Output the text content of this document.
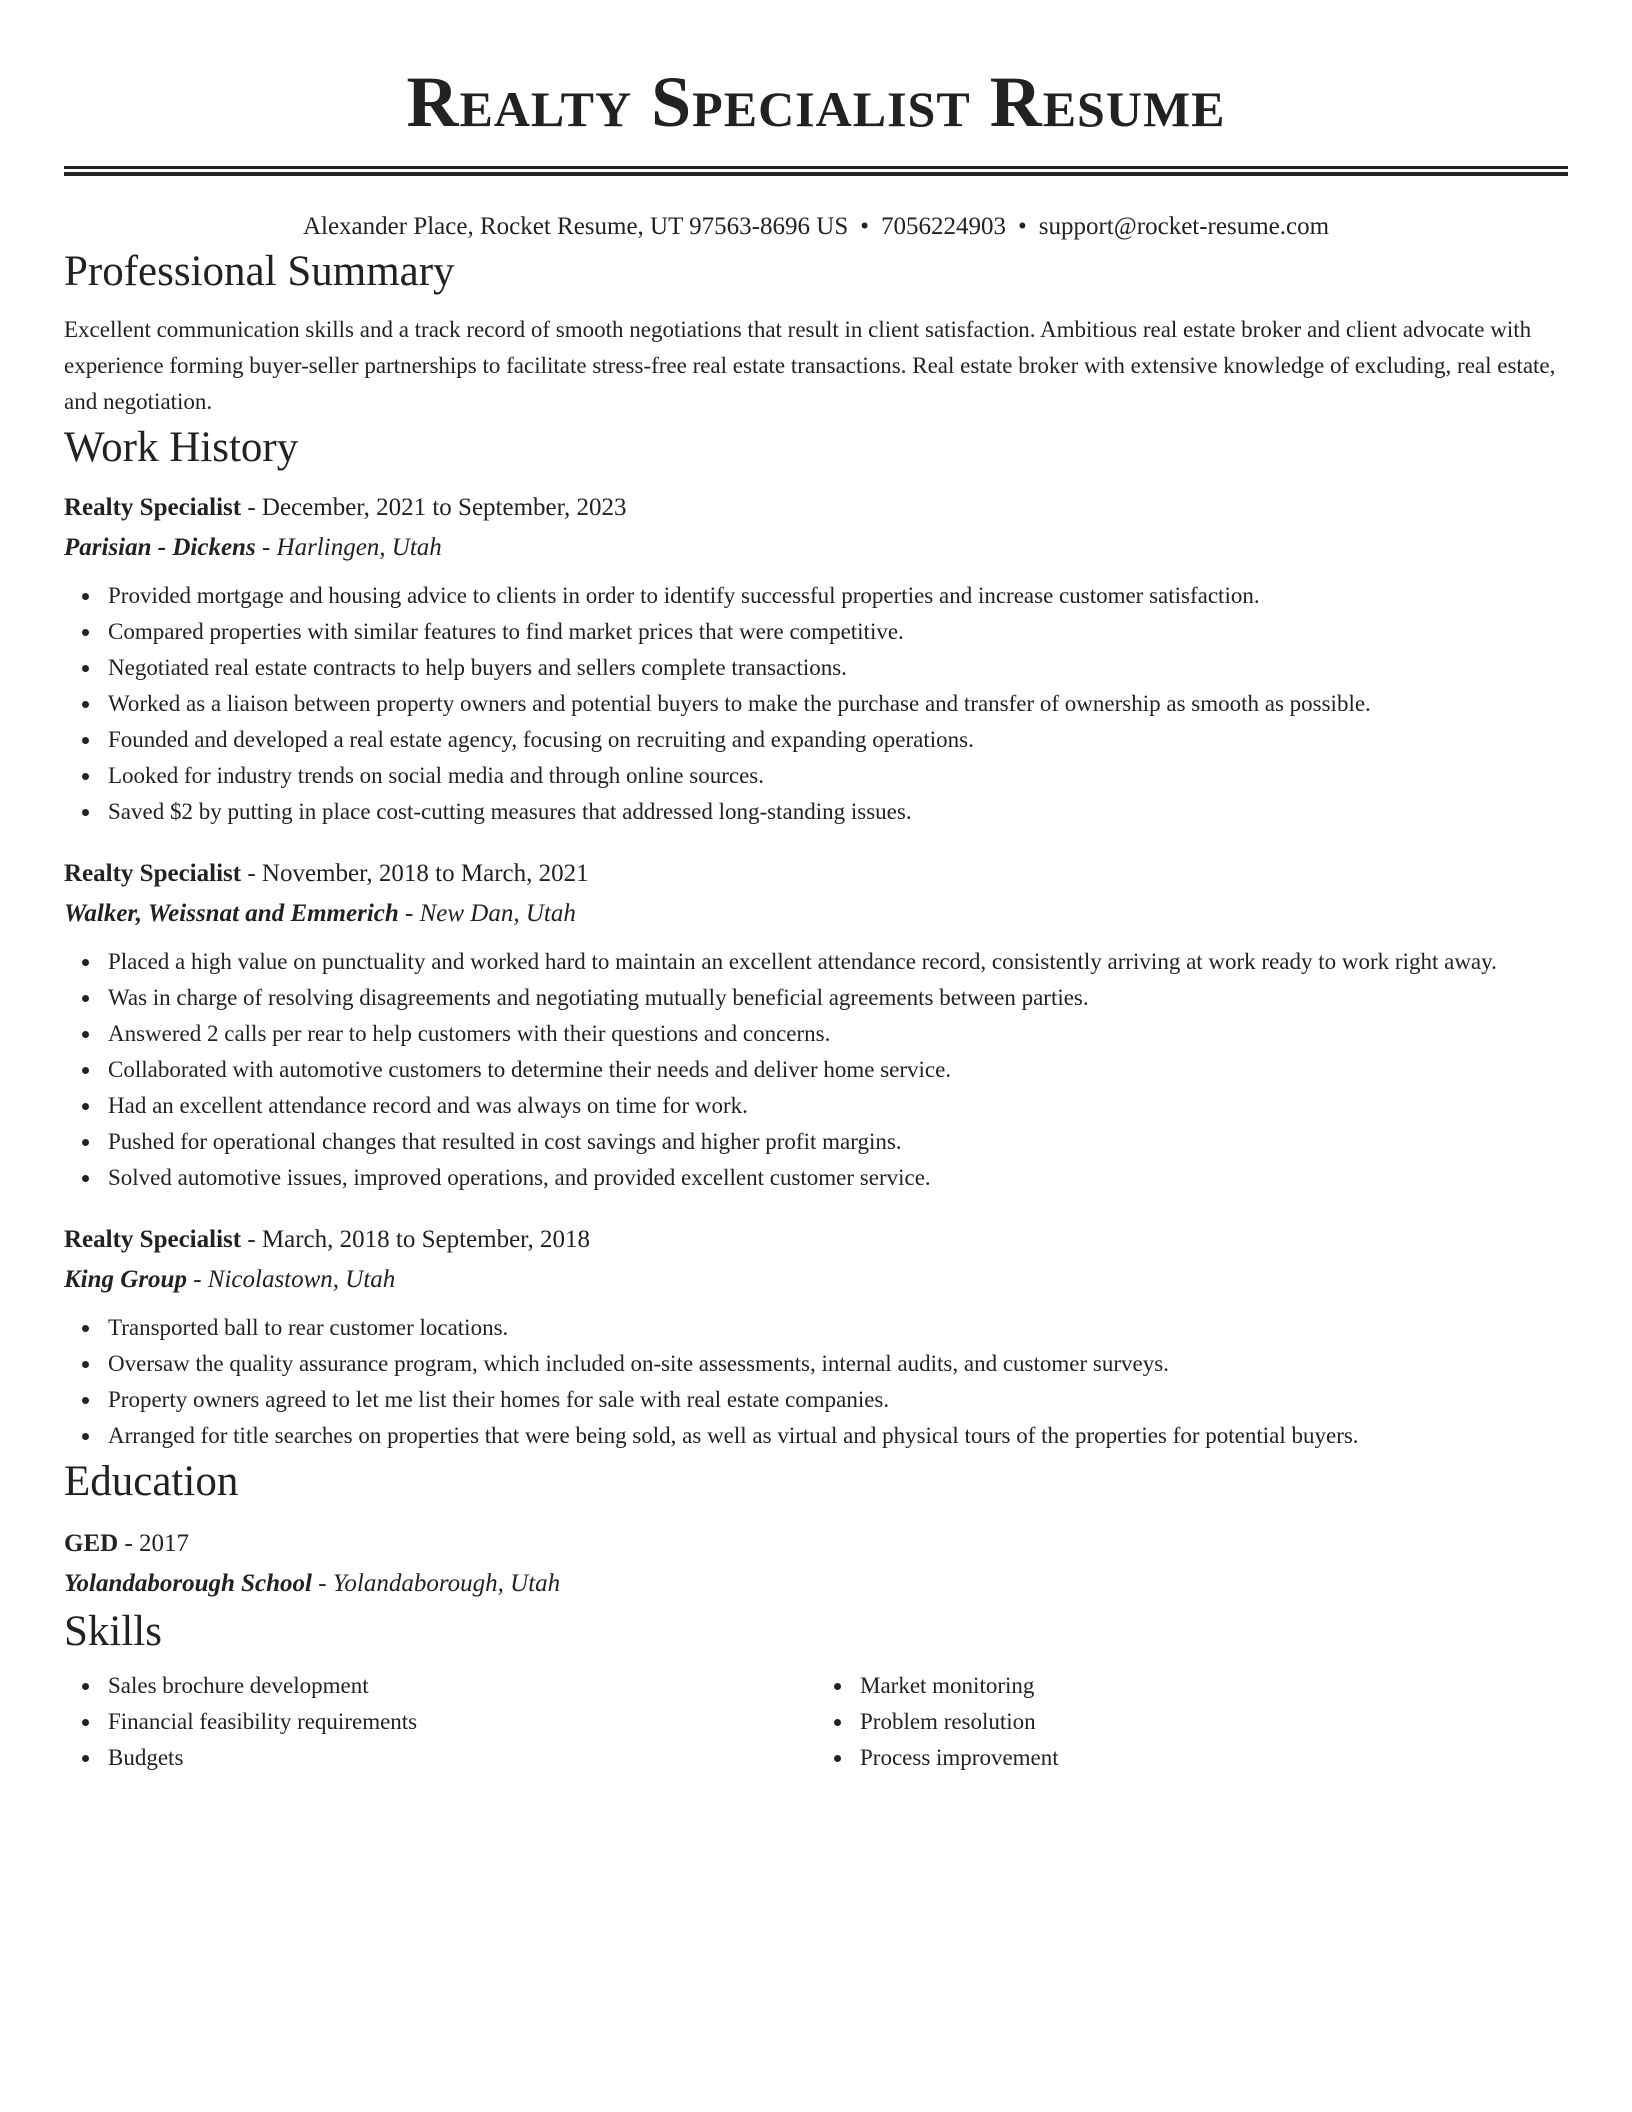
Realty Specialist Resume
Alexander Place, Rocket Resume, UT 97563-8696 US • 7056224903 • support@rocket-resume.com
Professional Summary
Excellent communication skills and a track record of smooth negotiations that result in client satisfaction. Ambitious real estate broker and client advocate with experience forming buyer-seller partnerships to facilitate stress-free real estate transactions. Real estate broker with extensive knowledge of excluding, real estate, and negotiation.
Work History
Realty Specialist - December, 2021 to September, 2023
Parisian - Dickens - Harlingen, Utah
Provided mortgage and housing advice to clients in order to identify successful properties and increase customer satisfaction.
Compared properties with similar features to find market prices that were competitive.
Negotiated real estate contracts to help buyers and sellers complete transactions.
Worked as a liaison between property owners and potential buyers to make the purchase and transfer of ownership as smooth as possible.
Founded and developed a real estate agency, focusing on recruiting and expanding operations.
Looked for industry trends on social media and through online sources.
Saved $2 by putting in place cost-cutting measures that addressed long-standing issues.
Realty Specialist - November, 2018 to March, 2021
Walker, Weissnat and Emmerich - New Dan, Utah
Placed a high value on punctuality and worked hard to maintain an excellent attendance record, consistently arriving at work ready to work right away.
Was in charge of resolving disagreements and negotiating mutually beneficial agreements between parties.
Answered 2 calls per rear to help customers with their questions and concerns.
Collaborated with automotive customers to determine their needs and deliver home service.
Had an excellent attendance record and was always on time for work.
Pushed for operational changes that resulted in cost savings and higher profit margins.
Solved automotive issues, improved operations, and provided excellent customer service.
Realty Specialist - March, 2018 to September, 2018
King Group - Nicolastown, Utah
Transported ball to rear customer locations.
Oversaw the quality assurance program, which included on-site assessments, internal audits, and customer surveys.
Property owners agreed to let me list their homes for sale with real estate companies.
Arranged for title searches on properties that were being sold, as well as virtual and physical tours of the properties for potential buyers.
Education
GED - 2017
Yolandaborough School - Yolandaborough, Utah
Skills
Sales brochure development
Financial feasibility requirements
Budgets
Market monitoring
Problem resolution
Process improvement
